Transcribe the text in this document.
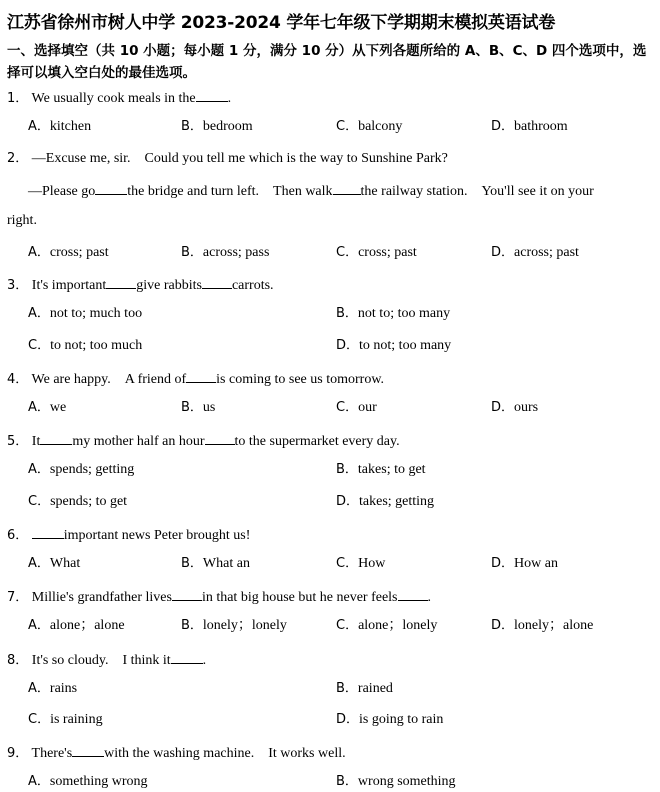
江苏省徐州市树人中学 2023-2024 学年七年级下学期期末模拟英语试卷
一、选择填空（共 10 小题；每小题 1 分，满分 10 分）从下列各题所给的 A、B、C、D 四个选项中，选择可以填入空白处的最佳选项。
1． We usually cook meals in the .
A．kitchen	B．bedroom	C．balcony	D．bathroom
2． —Excuse me, sir.　Could you tell me which is the way to Sunshine Park?
—Please go the bridge and turn left.　Then walk the railway station.　You'll see it on your
right.
A．cross; past	B．across; pass	C．cross; past	D．across; past
3． It's important give rabbits carrots.
A．not to; much too	B．not to; too many
C．to not; too much	D．to not; too many
4． We are happy.　A friend of is coming to see us tomorrow.
A．we	B．us	C．our	D．ours
5． It my mother half an hour to the supermarket every day.
A．spends; getting	B．takes; to get
C．spends; to get	D．takes; getting
6．	important news Peter brought us!
A．What	B．What an	C．How	D．How an
7． Millie's grandfather lives in that big house but he never feels .
A．alone；alone	B．lonely；lonely	C．alone；lonely	D．lonely；alone
8． It's so cloudy.　I think it .
A．rains	B．rained
C．is raining	D．is going to rain
9． There's with the washing machine.　It works well.
A．something wrong	B．wrong something
